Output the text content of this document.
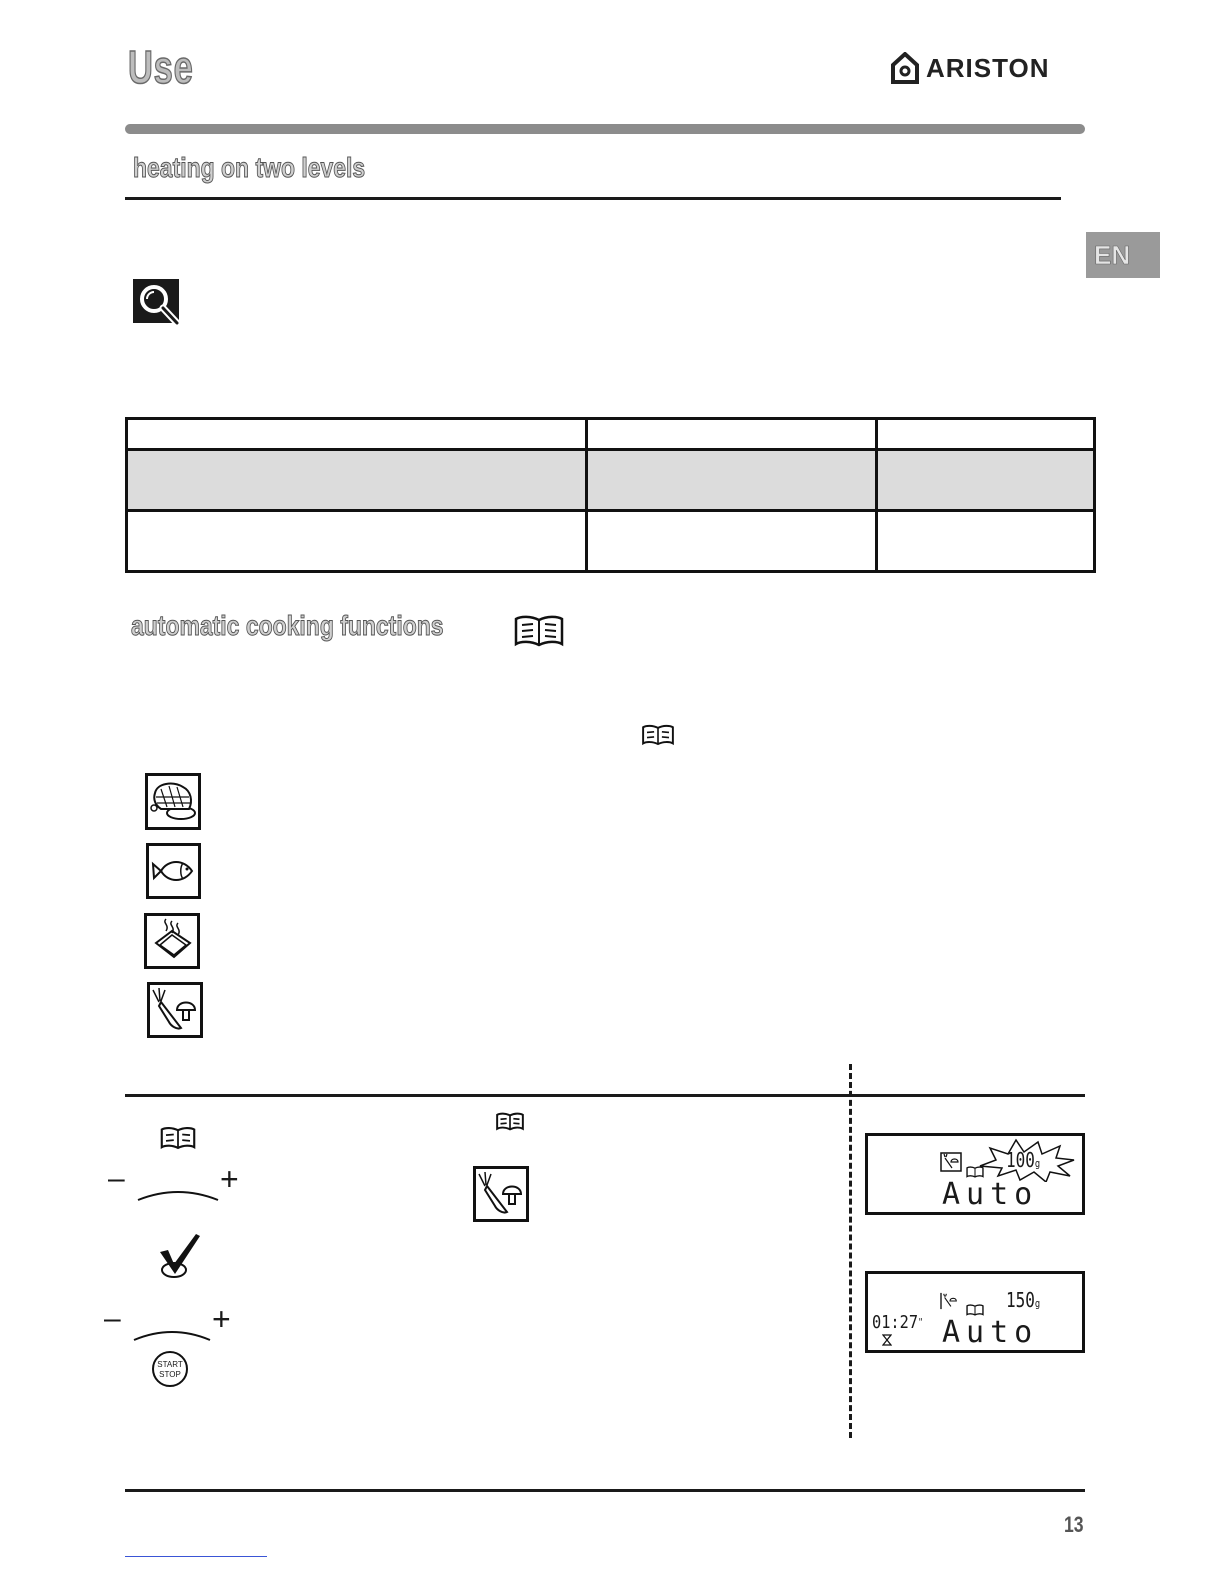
Use	ARISTON
heating on two levels
EN

automatic cooking functions
–	+
–	+
START
STOP
100g
Auto
150g
01:27" Auto
13
